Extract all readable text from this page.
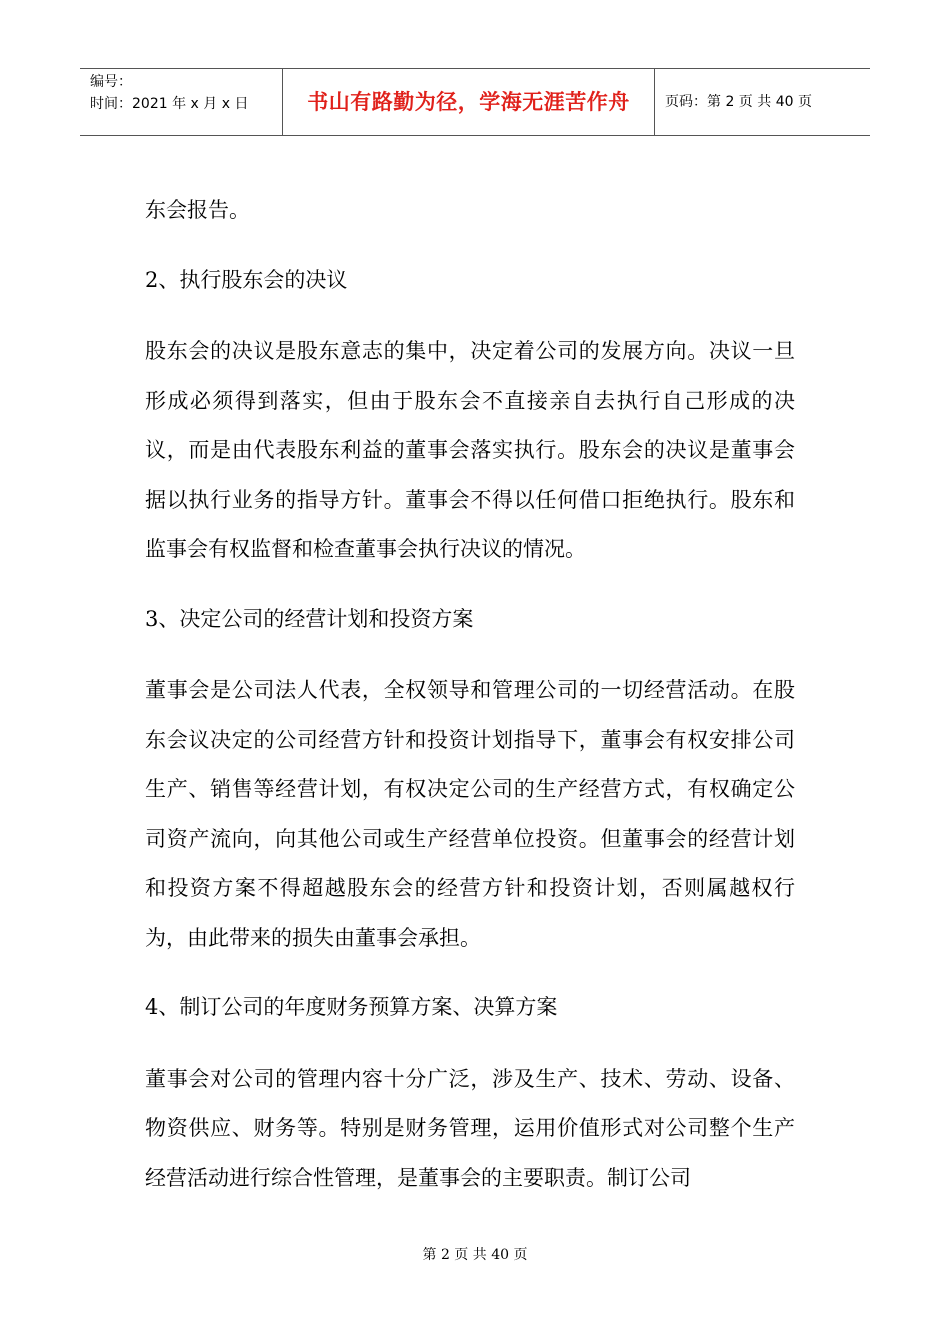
编号：
时间：2021 年 x 月 x 日	书山有路勤为径，学海无涯苦作舟	页码：第 2 页 共 40 页

东会报告。

2、执行股东会的决议

股东会的决议是股东意志的集中，决定着公司的发展方向。决议一旦形成必须得到落实，但由于股东会不直接亲自去执行自己形成的决议，而是由代表股东利益的董事会落实执行。股东会的决议是董事会据以执行业务的指导方针。董事会不得以任何借口拒绝执行。股东和监事会有权监督和检查董事会执行决议的情况。

3、决定公司的经营计划和投资方案

董事会是公司法人代表，全权领导和管理公司的一切经营活动。在股东会议决定的公司经营方针和投资计划指导下，董事会有权安排公司生产、销售等经营计划，有权决定公司的生产经营方式，有权确定公司资产流向，向其他公司或生产经营单位投资。但董事会的经营计划和投资方案不得超越股东会的经营方针和投资计划，否则属越权行为，由此带来的损失由董事会承担。

4、制订公司的年度财务预算方案、决算方案

董事会对公司的管理内容十分广泛，涉及生产、技术、劳动、设备、物资供应、财务等。特别是财务管理，运用价值形式对公司整个生产经营活动进行综合性管理，是董事会的主要职责。制订公司

第 2 页 共 40 页
